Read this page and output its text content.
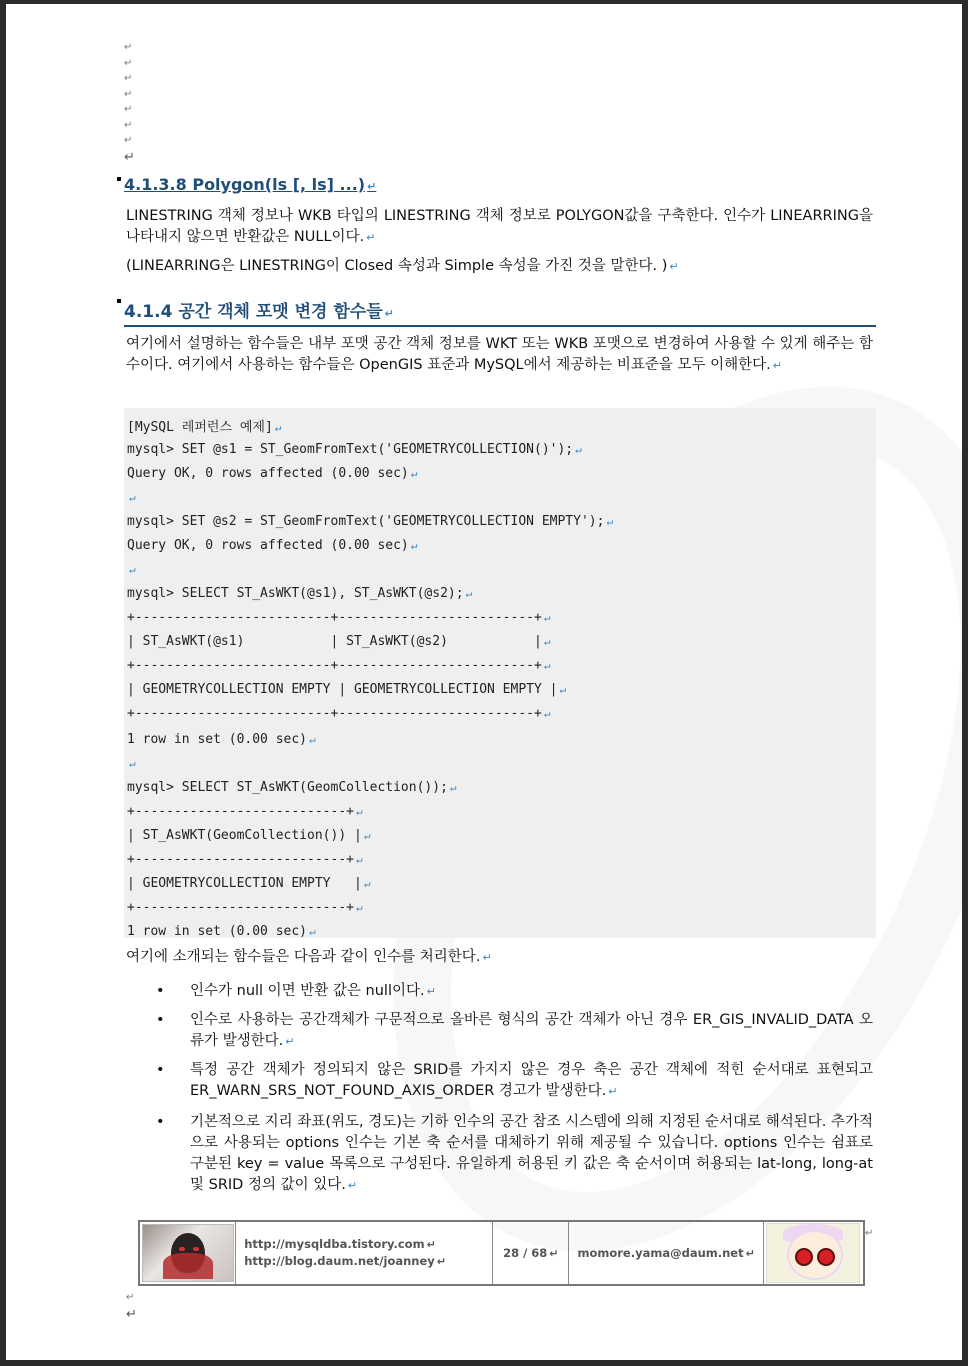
↵
↵
↵
↵
↵
↵
↵
↵
4.1.3.8 Polygon(ls [, ls] ...) ↵
LINESTRING 객체 정보나 WKB 타입의 LINESTRING 객체 정보로 POLYGON값을 구축한다. 인수가 LINEARRING을 나타내지 않으면 반환값은 NULL이다. ↵
(LINEARRING은 LINESTRING이 Closed 속성과 Simple 속성을 가진 것을 말한다. ) ↵
4.1.4 공간 객체 포맷 변경 함수들 ↵
여기에서 설명하는 함수들은 내부 포맷 공간 객체 정보를 WKT 또는 WKB 포맷으로 변경하여 사용할 수 있게 해주는 함수이다. 여기에서 사용하는 함수들은 OpenGIS 표준과 MySQL에서 제공하는 비표준을 모두 이해한다. ↵
[MySQL 레퍼런스 예제] ↵
mysql> SET @s1 = ST_GeomFromText('GEOMETRYCOLLECTION()'); ↵
Query OK, 0 rows affected (0.00 sec) ↵
↵
mysql> SET @s2 = ST_GeomFromText('GEOMETRYCOLLECTION EMPTY'); ↵
Query OK, 0 rows affected (0.00 sec) ↵
↵
mysql> SELECT ST_AsWKT(@s1), ST_AsWKT(@s2); ↵
+-------------------------+-------------------------+ ↵
| ST_AsWKT(@s1)           | ST_AsWKT(@s2)           | ↵
+-------------------------+-------------------------+ ↵
| GEOMETRYCOLLECTION EMPTY | GEOMETRYCOLLECTION EMPTY | ↵
+-------------------------+-------------------------+ ↵
1 row in set (0.00 sec) ↵
↵
mysql> SELECT ST_AsWKT(GeomCollection()); ↵
+---------------------------+ ↵
| ST_AsWKT(GeomCollection()) | ↵
+---------------------------+ ↵
| GEOMETRYCOLLECTION EMPTY   | ↵
+---------------------------+ ↵
1 row in set (0.00 sec) ↵
여기에 소개되는 함수들은 다음과 같이 인수를 처리한다. ↵
• 인수가 null 이면 반환 값은 null이다. ↵
• 인수로 사용하는 공간객체가 구문적으로 올바른 형식의 공간 객체가 아닌 경우 ER_GIS_INVALID_DATA 오류가 발생한다. ↵
• 특정 공간 객체가 정의되지 않은 SRID를 가지지 않은 경우 축은 공간 객체에 적힌 순서대로 표현되고 ER_WARN_SRS_NOT_FOUND_AXIS_ORDER 경고가 발생한다. ↵
• 기본적으로 지리 좌표(위도, 경도)는 기하 인수의 공간 참조 시스템에 의해 지정된 순서대로 해석된다. 추가적으로 사용되는 options 인수는 기본 축 순서를 대체하기 위해 제공될 수 있습니다. options 인수는 쉼표로 구분된 key = value 목록으로 구성된다. 유일하게 허용된 키 값은 축 순서이며 허용되는 lat-long, long-at 및 SRID 정의 값이 있다. ↵
http://mysqldba.tistory.com ↵
http://blog.daum.net/joanney ↵
28 / 68 ↵ momore.yama@daum.net ↵
↵
↵
↵
